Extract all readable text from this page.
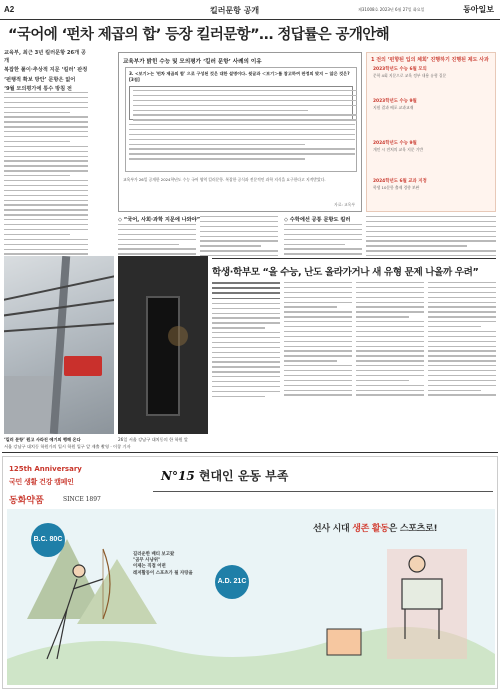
A2	킬러문항 공개	제31008호 2023년 6월 27일 화요일	동아일보
“국어에 ‘펀차 제곱의 합’ 등장 킬러문항”… 정답률은 공개안해

교육부, 최근 3년 킬러문항 26개 공개

복잡한 풀이·추상적 지문 ‘킬러’ 판정

‘펀행적 확보 방안’ 문항은 없어

‘9월 모의평가에 통수 방침 전

교육부가 밝힌 수능 및 모의평가 ‘킬러 문항’ 사례의 이유
3. <보기>는 '펀차 제곱의 합' 으로 구성된 것은 대한 설명이다. 윗글과 ＜보기＞를 참고하여 판정의 맞지 ~ 않은 것은? [3점]
교육부가 26일 공개한 2024학년도 수능 국어 영역 킬러문항. 복잡한 공식과 전문적인 과학 지식을 요구한다고 지적받았다.
자료: 교육부
1 전의 ‘펀향된 입의 체회’ 진행하기 진행된 제도 사과
2023학년도 수능 6월 모의
문학 4회 지문으로 교육 정부 내용 유형 질문
2023학년도 수능 9월
지원 결과 배포 교과교재
2024학년도 수능 9월
개인 시 전처의 교육 지문 기반
2024학년도 6월 교과 지정
학생 10문항 출제 경향 보완
◇ “국어, 사회·과학 지문에 나와야”	◇ 수학에선 공통 문항도 킬러
‘킬러 문항’ 뭔고 사라진 에기의 행해 온다	26일 서울 강남구 대치동의 한 학원 앞
서울 강남구 대치동 학원가의 입시 학원 입구 앞 제출 촬영 · 이창 기자
학생·학부모 “올 수능, 난도 올라가거나 새 유형 문제 나올까 우려”
125th Anniversary
국민 생활 건강 캠페인
동화약품	SINCE 1897
N°15 현대인 운동 부족
선사 시대 생존 활동은 스포츠로!
길러운한 배티 보고왔
"곰무 사냥위"
이제는 직접 어떤
레저활동이 스포츠가 될 자랑을
B.C. 80C
A.D. 21C
